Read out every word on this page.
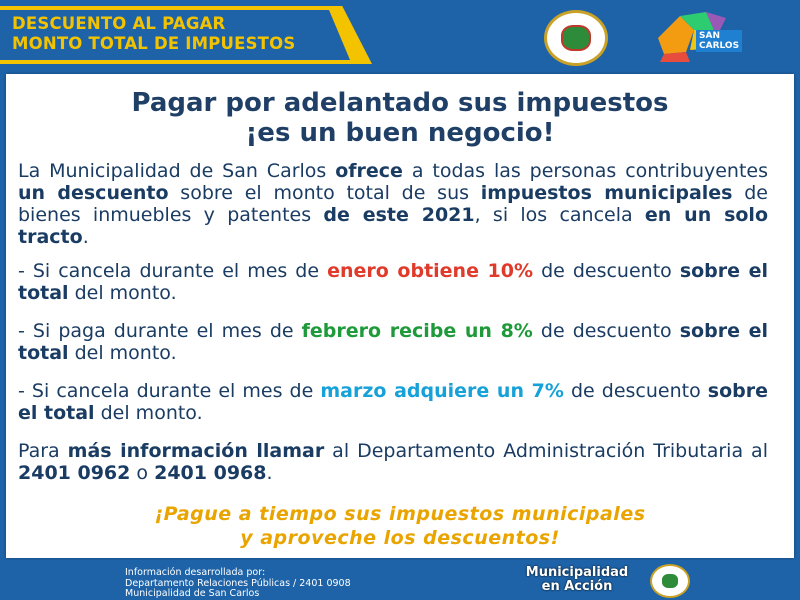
DESCUENTO AL PAGAR
MONTO TOTAL DE IMPUESTOS	SAN
CARLOS
Pagar por adelantado sus impuestos
¡es un buen negocio!

La Municipalidad de San Carlos ofrece a todas las personas contribuyentes un descuento sobre el monto total de sus impuestos municipales de bienes inmuebles y patentes de este 2021, si los cancela en un solo tracto.

- Si cancela durante el mes de enero obtiene 10% de descuento sobre el total del monto.

- Si paga durante el mes de febrero recibe un 8% de descuento sobre el total del monto.

- Si cancela durante el mes de marzo adquiere un 7% de descuento sobre el total del monto.

Para más información llamar al Departamento Administración Tributaria al 2401 0962 o 2401 0968.

¡Pague a tiempo sus impuestos municipales
y aproveche los descuentos!
Información desarrollada por:
Departamento Relaciones Públicas / 2401 0908
Municipalidad de San Carlos
Municipalidad
en Acción
